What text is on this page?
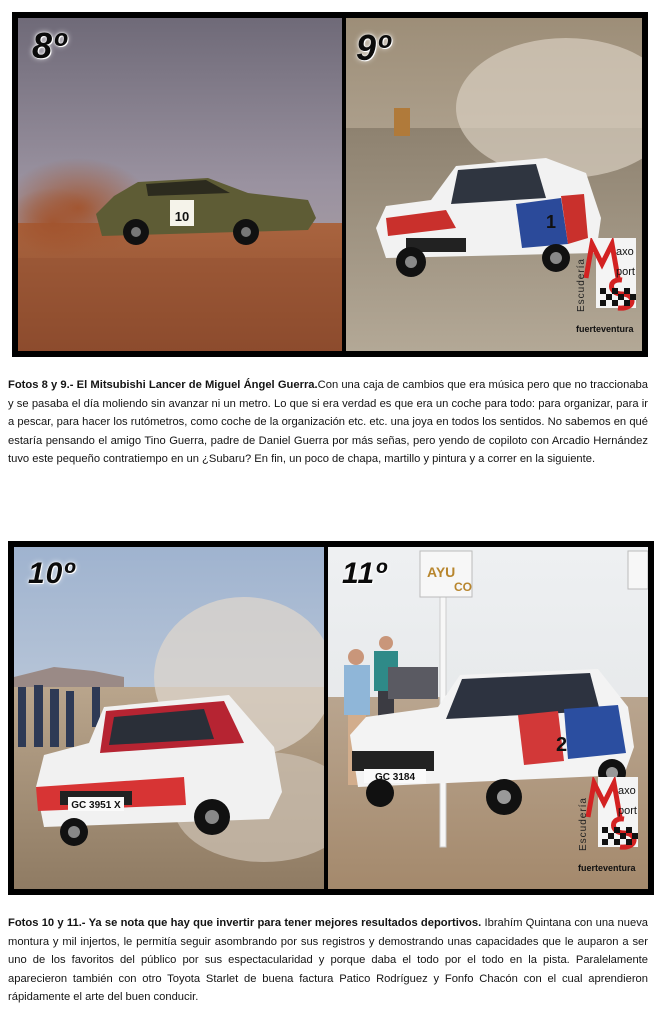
10
8º
1
9º
axo
port
Escudería
fuerteventura
Fotos 8 y 9.- El Mitsubishi Lancer de Miguel Ángel Guerra.Con una caja de cambios que era música pero que no traccionaba y se pasaba el día moliendo sin avanzar ni un metro. Lo que si era verdad es que era un coche para todo: para organizar, para ir a pescar, para hacer los rutómetros, como coche de la organización etc. etc. una joya en todos los sentidos. No sabemos en qué estaría pensando el amigo Tino Guerra, padre de Daniel Guerra por más señas, pero yendo de copiloto con Arcadio Hernández tuvo este pequeño contratiempo en un ¿Subaru? En fin, un poco de chapa, martillo y pintura y a correr en la siguiente.
GC 3951 X
10º	AYU
CO
GC 3184
2
11º
axo
port
Escudería
fuerteventura
Fotos 10 y 11.- Ya se nota que hay que invertir para tener mejores resultados deportivos. Ibrahím Quintana con una nueva montura y mil injertos, le permitía seguir asombrando por sus registros y demostrando unas capacidades que le auparon a ser uno de los favoritos del público por sus espectacularidad y porque daba el todo por el todo en la pista. Paralelamente aparecieron también con otro Toyota Starlet de buena factura Patico Rodríguez y Fonfo Chacón con el cual aprendieron rápidamente el arte del buen conducir.
